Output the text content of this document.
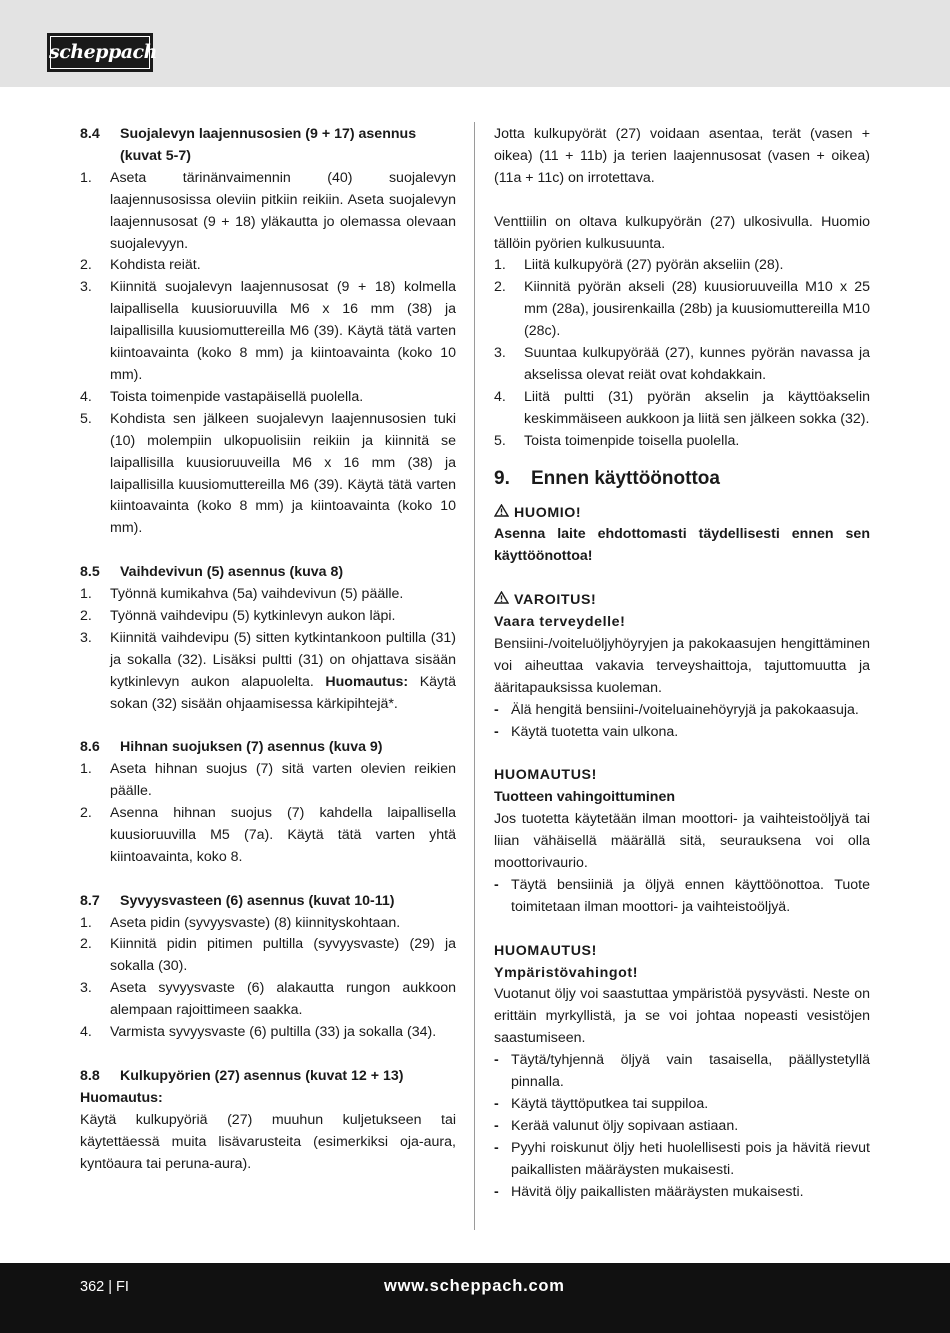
scheppach
8.4	Suojalevyn laajennusosien (9 + 17) asennus (kuvat 5-7)
1.	Aseta tärinänvaimennin (40) suojalevyn laajennusosissa oleviin pitkiin reikiin. Aseta suojalevyn laajennusosat (9 + 18) yläkautta jo olemassa olevaan suojalevyyn.
2.	Kohdista reiät.
3.	Kiinnitä suojalevyn laajennusosat (9 + 18) kolmella laipallisella kuusioruuvilla M6 x 16 mm (38) ja laipallisilla kuusiomuttereilla M6 (39). Käytä tätä varten kiintoavainta (koko 8 mm) ja kiintoavainta (koko 10 mm).
4.	Toista toimenpide vastapäisellä puolella.
5.	Kohdista sen jälkeen suojalevyn laajennusosien tuki (10) molempiin ulkopuolisiin reikiin ja kiinnitä se laipallisilla kuusioruuveilla M6 x 16 mm (38) ja laipallisilla kuusiomuttereilla M6 (39). Käytä tätä varten kiintoavainta (koko 8 mm) ja kiintoavainta (koko 10 mm).
8.5	Vaihdevivun (5) asennus (kuva 8)
1.	Työnnä kumikahva (5a) vaihdevivun (5) päälle.
2.	Työnnä vaihdevipu (5) kytkinlevyn aukon läpi.
3.	Kiinnitä vaihdevipu (5) sitten kytkintankoon pultilla (31) ja sokalla (32). Lisäksi pultti (31) on ohjattava sisään kytkinlevyn aukon alapuolelta. Huomautus: Käytä sokan (32) sisään ohjaamisessa kärkipihtejä*.
8.6	Hihnan suojuksen (7) asennus (kuva 9)
1.	Aseta hihnan suojus (7) sitä varten olevien reikien päälle.
2.	Asenna hihnan suojus (7) kahdella laipallisella kuusioruuvilla M5 (7a). Käytä tätä varten yhtä kiintoavainta, koko 8.
8.7	Syvyysvasteen (6) asennus (kuvat 10-11)
1.	Aseta pidin (syvyysvaste) (8) kiinnityskohtaan.
2.	Kiinnitä pidin pitimen pultilla (syvyysvaste) (29) ja sokalla (30).
3.	Aseta syvyysvaste (6) alakautta rungon aukkoon alempaan rajoittimeen saakka.
4.	Varmista syvyysvaste (6) pultilla (33) ja sokalla (34).
8.8	Kulkupyörien (27) asennus (kuvat 12 + 13)
Huomautus:

Käytä kulkupyöriä (27) muuhun kuljetukseen tai käytettäessä muita lisävarusteita (esimerkiksi oja-aura, kyntöaura tai peruna-aura).

Jotta kulkupyörät (27) voidaan asentaa, terät (vasen + oikea) (11 + 11b) ja terien laajennusosat (vasen + oikea) (11a + 11c) on irrotettava.

Venttiilin on oltava kulkupyörän (27) ulkosivulla. Huomio tällöin pyörien kulkusuunta.

1.	Liitä kulkupyörä (27) pyörän akseliin (28).
2.	Kiinnitä pyörän akseli (28) kuusioruuveilla M10 x 25 mm (28a), jousirenkailla (28b) ja kuusiomuttereilla M10 (28c).
3.	Suuntaa kulkupyörää (27), kunnes pyörän navassa ja akselissa olevat reiät ovat kohdakkain.
4.	Liitä pultti (31) pyörän akselin ja käyttöakselin keskimmäiseen aukkoon ja liitä sen jälkeen sokka (32).
5.	Toista toimenpide toisella puolella.
9.	Ennen käyttöönottoa
HUOMIO!

Asenna laite ehdottomasti täydellisesti ennen sen käyttöönottoa!

VAROITUS!
Vaara terveydelle!

Bensiini-/voiteluöljyhöyryjen ja pakokaasujen hengittäminen voi aiheuttaa vakavia terveyshaittoja, tajuttomuutta ja ääritapauksissa kuoleman.

- Älä hengitä bensiini-/voiteluainehöyryjä ja pakokaasuja.
- Käytä tuotetta vain ulkona.
HUOMAUTUS!
Tuotteen vahingoittuminen

Jos tuotetta käytetään ilman moottori- ja vaihteistoöljyä tai liian vähäisellä määrällä sitä, seurauksena voi olla moottorivaurio.

- Täytä bensiiniä ja öljyä ennen käyttöönottoa. Tuote toimitetaan ilman moottori- ja vaihteistoöljyä.
HUOMAUTUS!
Ympäristövahingot!

Vuotanut öljy voi saastuttaa ympäristöä pysyvästi. Neste on erittäin myrkyllistä, ja se voi johtaa nopeasti vesistöjen saastumiseen.

- Täytä/tyhjennä öljyä vain tasaisella, päällystetyllä pinnalla.
- Käytä täyttöputkea tai suppiloa.
- Kerää valunut öljy sopivaan astiaan.
- Pyyhi roiskunut öljy heti huolellisesti pois ja hävitä rievut paikallisten määräysten mukaisesti.
- Hävitä öljy paikallisten määräysten mukaisesti.
362 | FI	www.scheppach.com
